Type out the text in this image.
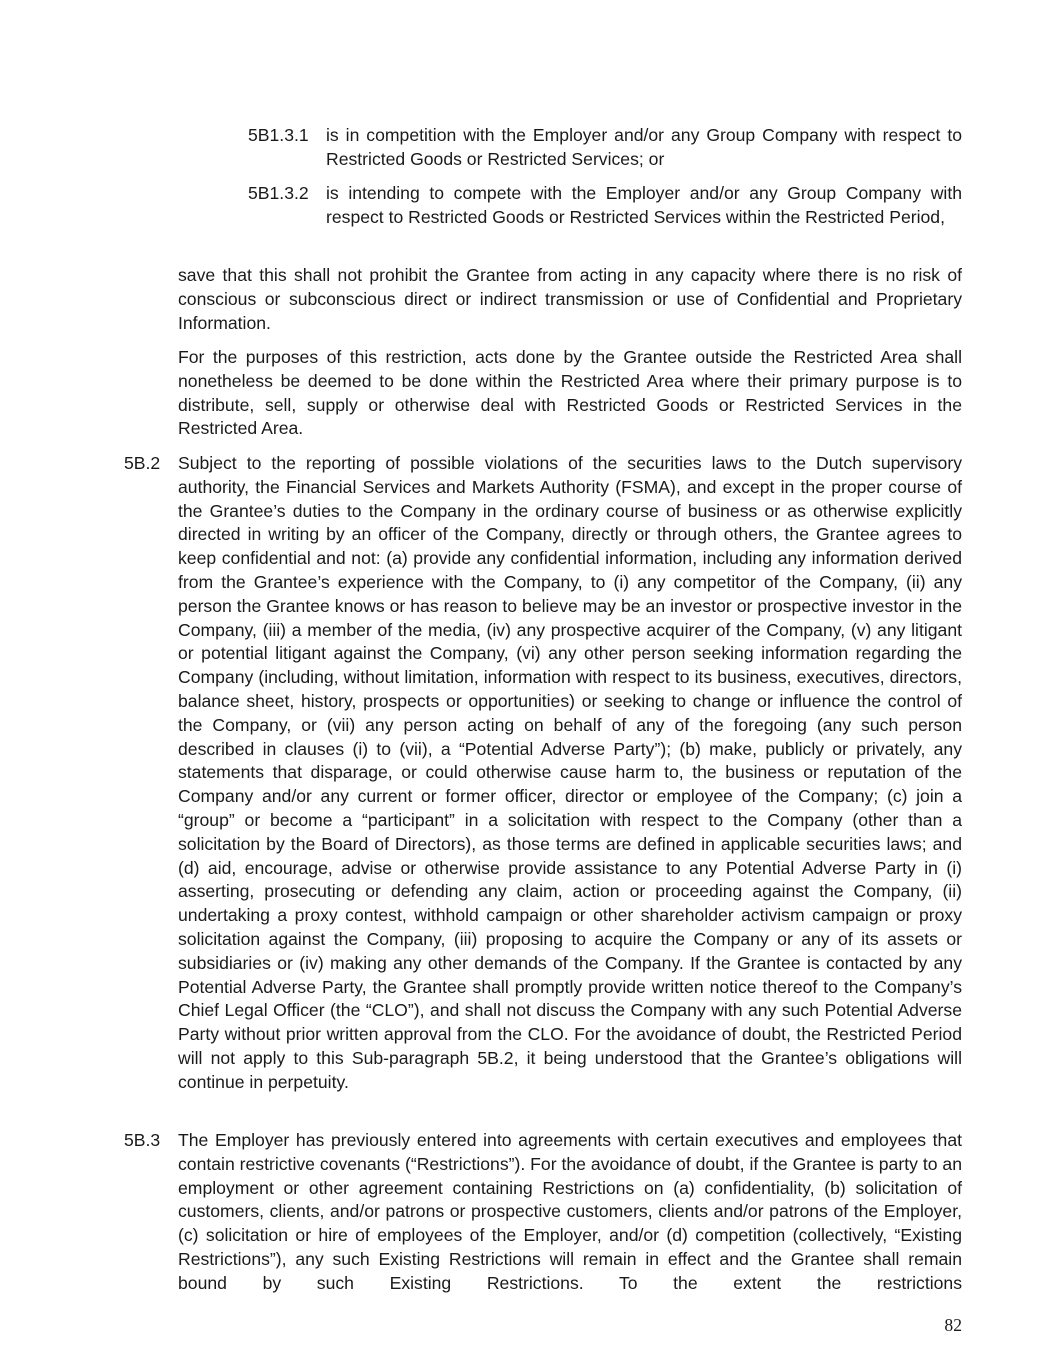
5B1.3.1 is in competition with the Employer and/or any Group Company with respect to Restricted Goods or Restricted Services; or
5B1.3.2 is intending to compete with the Employer and/or any Group Company with respect to Restricted Goods or Restricted Services within the Restricted Period,
save that this shall not prohibit the Grantee from acting in any capacity where there is no risk of conscious or subconscious direct or indirect transmission or use of Confidential and Proprietary Information.
For the purposes of this restriction, acts done by the Grantee outside the Restricted Area shall nonetheless be deemed to be done within the Restricted Area where their primary purpose is to distribute, sell, supply or otherwise deal with Restricted Goods or Restricted Services in the Restricted Area.
5B.2	Subject to the reporting of possible violations of the securities laws to the Dutch supervisory authority, the Financial Services and Markets Authority (FSMA), and except in the proper course of the Grantee’s duties to the Company in the ordinary course of business or as otherwise explicitly directed in writing by an officer of the Company, directly or through others, the Grantee agrees to keep confidential and not: (a) provide any confidential information, including any information derived from the Grantee’s experience with the Company, to (i) any competitor of the Company, (ii) any person the Grantee knows or has reason to believe may be an investor or prospective investor in the Company, (iii) a member of the media, (iv) any prospective acquirer of the Company, (v) any litigant or potential litigant against the Company, (vi) any other person seeking information regarding the Company (including, without limitation, information with respect to its business, executives, directors, balance sheet, history, prospects or opportunities) or seeking to change or influence the control of the Company, or (vii) any person acting on behalf of any of the foregoing (any such person described in clauses (i) to (vii), a “Potential Adverse Party”); (b) make, publicly or privately, any statements that disparage, or could otherwise cause harm to, the business or reputation of the Company and/or any current or former officer, director or employee of the Company; (c) join a “group” or become a “participant” in a solicitation with respect to the Company (other than a solicitation by the Board of Directors), as those terms are defined in applicable securities laws; and (d) aid, encourage, advise or otherwise provide assistance to any Potential Adverse Party in (i) asserting, prosecuting or defending any claim, action or proceeding against the Company, (ii) undertaking a proxy contest, withhold campaign or other shareholder activism campaign or proxy solicitation against the Company, (iii) proposing to acquire the Company or any of its assets or subsidiaries or (iv) making any other demands of the Company. If the Grantee is contacted by any Potential Adverse Party, the Grantee shall promptly provide written notice thereof to the Company’s Chief Legal Officer (the “CLO”), and shall not discuss the Company with any such Potential Adverse Party without prior written approval from the CLO. For the avoidance of doubt, the Restricted Period will not apply to this Sub-paragraph 5B.2, it being understood that the Grantee’s obligations will continue in perpetuity.
5B.3	The Employer has previously entered into agreements with certain executives and employees that contain restrictive covenants (“Restrictions”). For the avoidance of doubt, if the Grantee is party to an employment or other agreement containing Restrictions on (a) confidentiality, (b) solicitation of customers, clients, and/or patrons or prospective customers, clients and/or patrons of the Employer, (c) solicitation or hire of employees of the Employer, and/or (d) competition (collectively, “Existing Restrictions”), any such Existing Restrictions will remain in effect and the Grantee shall remain bound by such Existing Restrictions. To the extent the restrictions
82
